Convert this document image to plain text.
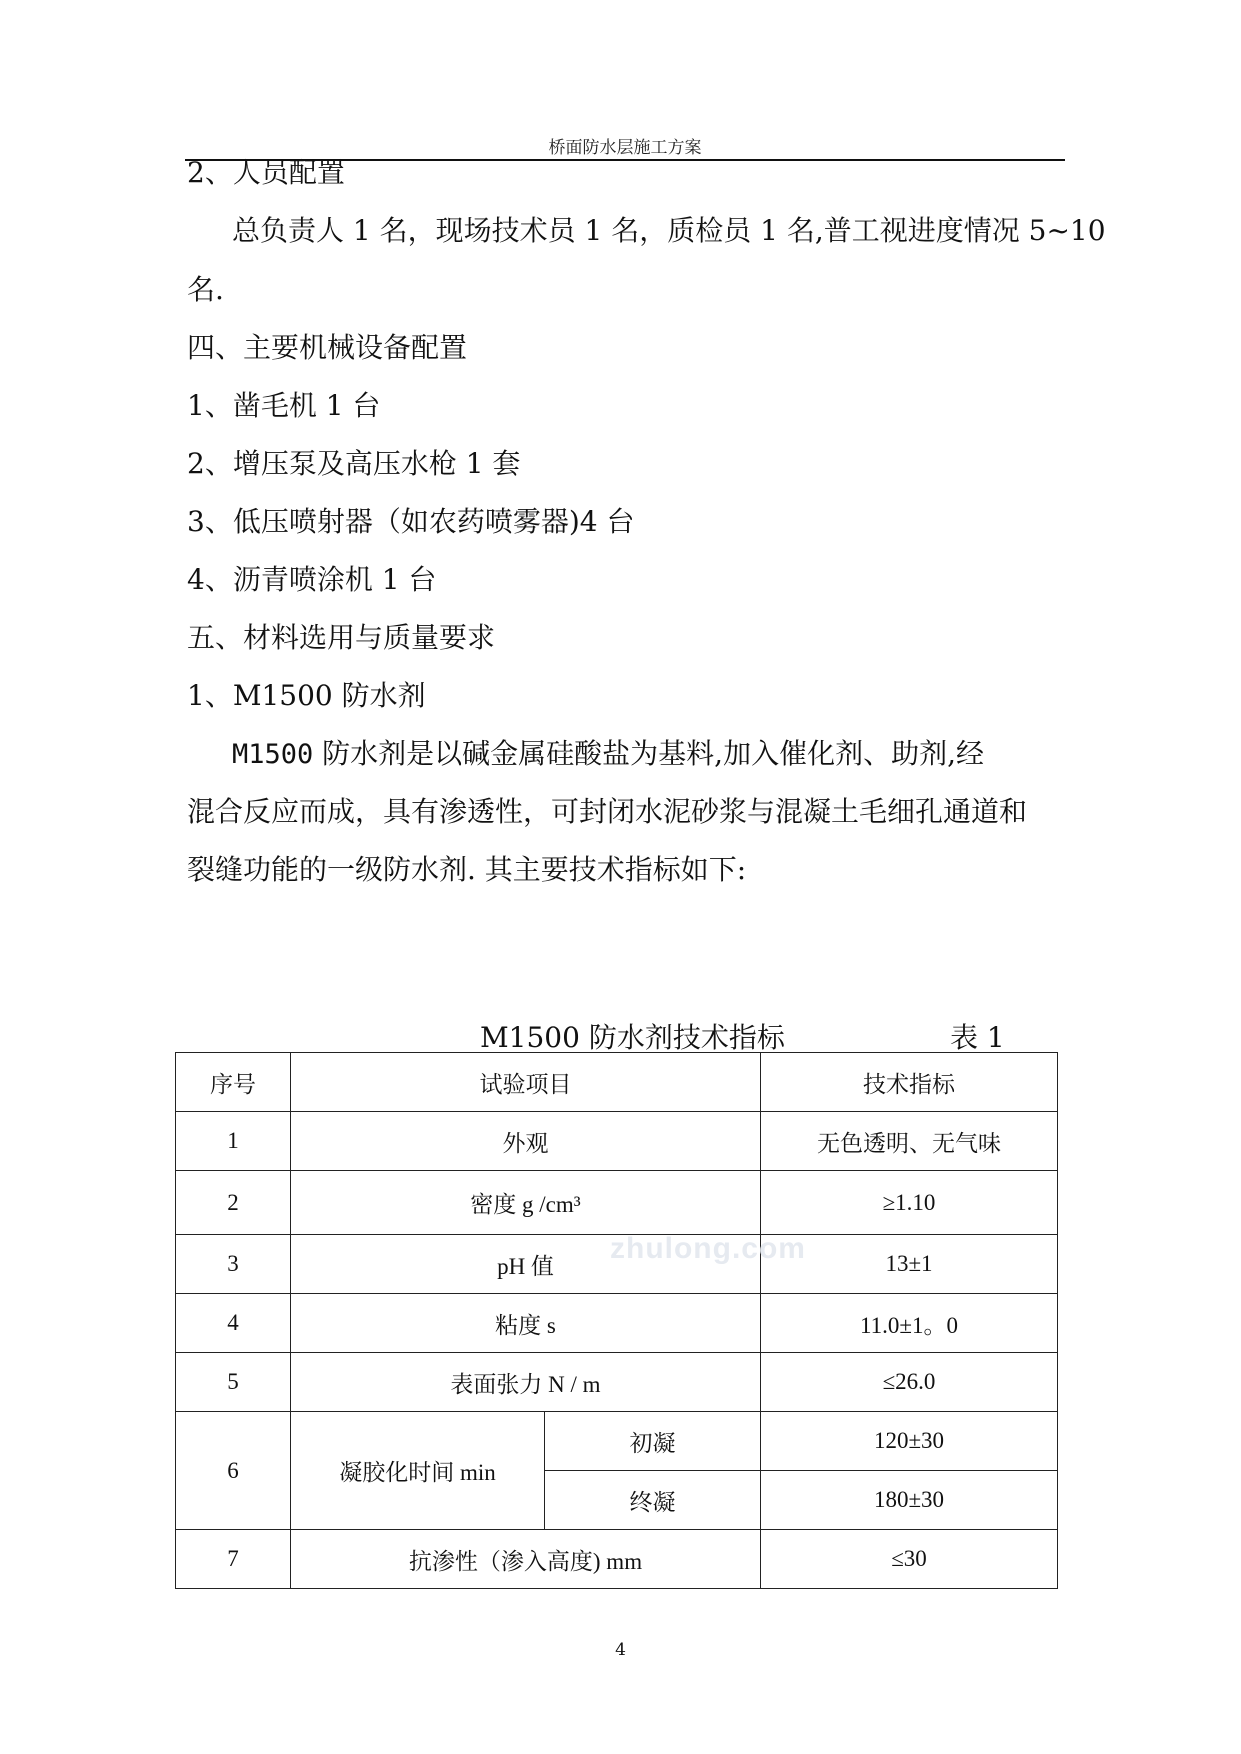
桥面防水层施工方案
2、人员配置
总负责人 1 名，现场技术员 1 名，质检员 1 名,普工视进度情况 5~10
名.
四、主要机械设备配置
1、凿毛机 1 台
2、增压泵及高压水枪 1 套
3、低压喷射器（如农药喷雾器)4 台
4、沥青喷涂机 1 台
五、材料选用与质量要求
1、M1500 防水剂
M1500 防水剂是以碱金属硅酸盐为基料,加入催化剂、助剂,经
混合反应而成，具有渗透性，可封闭水泥砂浆与混凝土毛细孔通道和
裂缝功能的一级防水剂. 其主要技术指标如下:
M1500 防水剂技术指标	表 1
序号	试验项目		技术指标
1	外观		无色透明、无气味
2	密度 g /cm³		≥1.10
3	pH 值		13±1
4	粘度 s		11.0±1。0
5	表面张力 N / m		≤26.0
6	凝胶化时间 min	初凝	120±30
		终凝	180±30
7	抗渗性（渗入高度) mm		≤30
zhulong.com
4
